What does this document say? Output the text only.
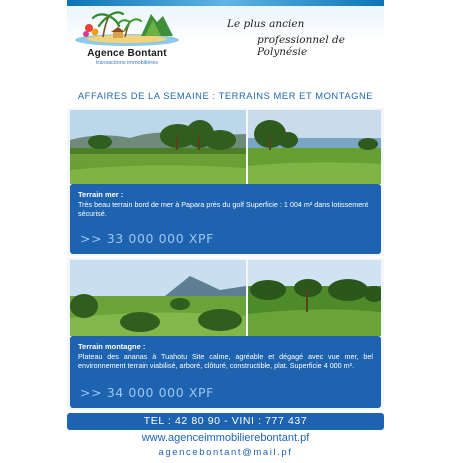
Agence Bontant
transactions immobilières
Le plus ancien
professionnel de Polynésie
AFFAIRES DE LA SEMAINE : TERRAINS MER ET MONTAGNE
Terrain mer :
Très beau terrain bord de mer à Papara près du golf Superficie : 1 004 m² dans lotissement sécurisé.
>> 33 000 000 XPF
Terrain montagne :
Plateau des ananas à Tuahotu Site calme, agréable et dégagé avec vue mer, bel environnement terrain viabilisé, arboré, clôturé, constructible, plat. Superficie 4 000 m².
>> 34 000 000 XPF
TEL : 42 80 90 - VINI : 777 437
www.agenceimmobilierebontant.pf
agencebontant@mail.pf
